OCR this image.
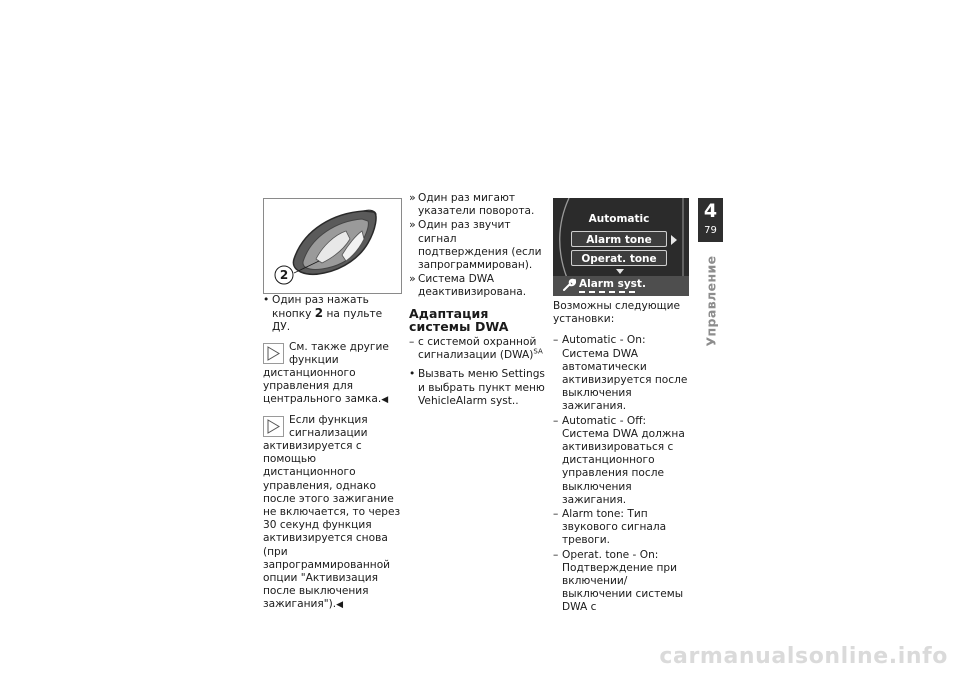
2

• Один раз нажать кнопку 2 на пульте ДУ.

См. также другие функции дистанционного управления для центрального замка.◀
Если функция сигнализации активизируется с помощью дистанционного управления, однако после этого зажигание не включается, то через 30 секунд функция активизируется снова (при запрограммированной опции "Активизация после выключения зажигания").◀
» Один раз мигают указатели поворота.
» Один раз звучит сигнал подтверждения (если запрограммирован).
» Система DWA деактивизирована.
Адаптация системы DWA
– с системой охранной сигнализации (DWA)$^{SA}$
• Вызвать меню Settings и выбрать пункт меню VehicleAlarm syst..
Automatic
Alarm tone
Operat. tone
Alarm syst.

Возможны следующие установки:

– Automatic - On: Система DWA автоматически активизируется после выключения зажигания.
– Automatic - Off: Система DWA должна активизироваться с дистанционного управления после выключения зажигания.
– Alarm tone: Тип звукового сигнала тревоги.
– Operat. tone - On: Подтверждение при включении/выключении системы DWA с
4
79
Управление
carmanualsonline.info
